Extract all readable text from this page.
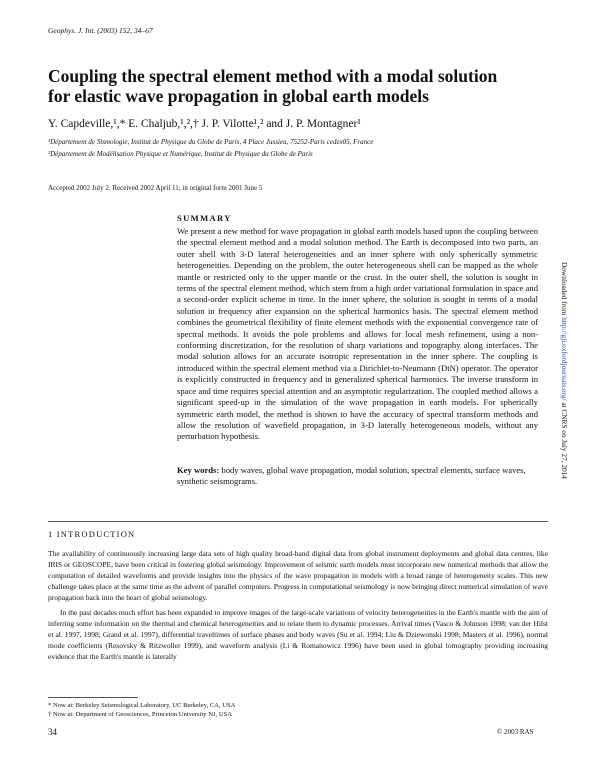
Geophys. J. Int. (2003) 152, 34–67
Coupling the spectral element method with a modal solution
for elastic wave propagation in global earth models
Y. Capdeville,¹,* E. Chaljub,¹,²,† J. P. Vilotte¹,² and J. P. Montagner¹
¹Département de Sismologie, Institut de Physique du Globe de Paris, 4 Place Jussieu, 75252-Paris cedex05, France
²Département de Modélisation Physique et Numérique, Institut de Physique du Globe de Paris
Accepted 2002 July 2. Received 2002 April 11; in original form 2001 June 5
SUMMARY
We present a new method for wave propagation in global earth models based upon the coupling between the spectral element method and a modal solution method. The Earth is decomposed into two parts, an outer shell with 3-D lateral heterogeneities and an inner sphere with only spherically symmetric heterogeneities. Depending on the problem, the outer heterogeneous shell can be mapped as the whole mantle or restricted only to the upper mantle or the crust. In the outer shell, the solution is sought in terms of the spectral element method, which stem from a high order variational formulation in space and a second-order explicit scheme in time. In the inner sphere, the solution is sought in terms of a modal solution in frequency after expansion on the spherical harmonics basis. The spectral element method combines the geometrical flexibility of finite element methods with the exponential convergence rate of spectral methods. It avoids the pole problems and allows for local mesh refinement, using a non-conforming discretization, for the resolution of sharp variations and topography along interfaces. The modal solution allows for an accurate isotropic representation in the inner sphere. The coupling is introduced within the spectral element method via a Dirichlet-to-Neumann (DtN) operator. The operator is explicitly constructed in frequency and in generalized spherical harmonics. The inverse transform in space and time requires special attention and an asymptotic regularization. The coupled method allows a significant speed-up in the simulation of the wave propagation in earth models. For spherically symmetric earth model, the method is shown to have the accuracy of spectral transform methods and allow the resolution of wavefield propagation, in 3-D laterally heterogeneous models, without any perturbation hypothesis.
Key words: body waves, global wave propagation, modal solution, spectral elements, surface waves, synthetic seismograms.
1 INTRODUCTION
The availability of continuously increasing large data sets of high quality broad-band digital data from global instrument deployments and global data centres, like IRIS or GEOSCOPE, have been critical in fostering global seismology. Improvement of seismic earth models must incorporate new numerical methods that allow the computation of detailed waveforms and provide insights into the physics of the wave propagation in models with a broad range of heterogeneity scales. This new challenge takes place at the same time as the advent of parallel computers. Progress in computational seismology is now bringing direct numerical simulation of wave propagation back into the heart of global seismology.
In the past decades much effort has been expanded to improve images of the large-scale variations of velocity heterogeneities in the Earth's mantle with the aim of inferring some information on the thermal and chemical heterogeneities and to relate them to dynamic processes. Arrival times (Vasco & Johnson 1998; van der Hilst et al. 1997, 1998; Grand et al. 1997), differential traveltimes of surface phases and body waves (Su et al. 1994; Liu & Dziewonski 1998; Masters et al. 1996), normal mode coefficients (Resovsky & Ritzwoller 1999), and waveform analysis (Li & Romanowicz 1996) have been used in global tomography providing increasing evidence that the Earth's mantle is laterally
* Now at: Berkeley Seismological Laboratory, UC Berkeley, CA, USA
† Now at: Department of Geosciences, Princeton University NJ, USA
34	© 2003 RAS
Downloaded from http://gji.oxfordjournals.org/ at CNRS on July 27, 2014
